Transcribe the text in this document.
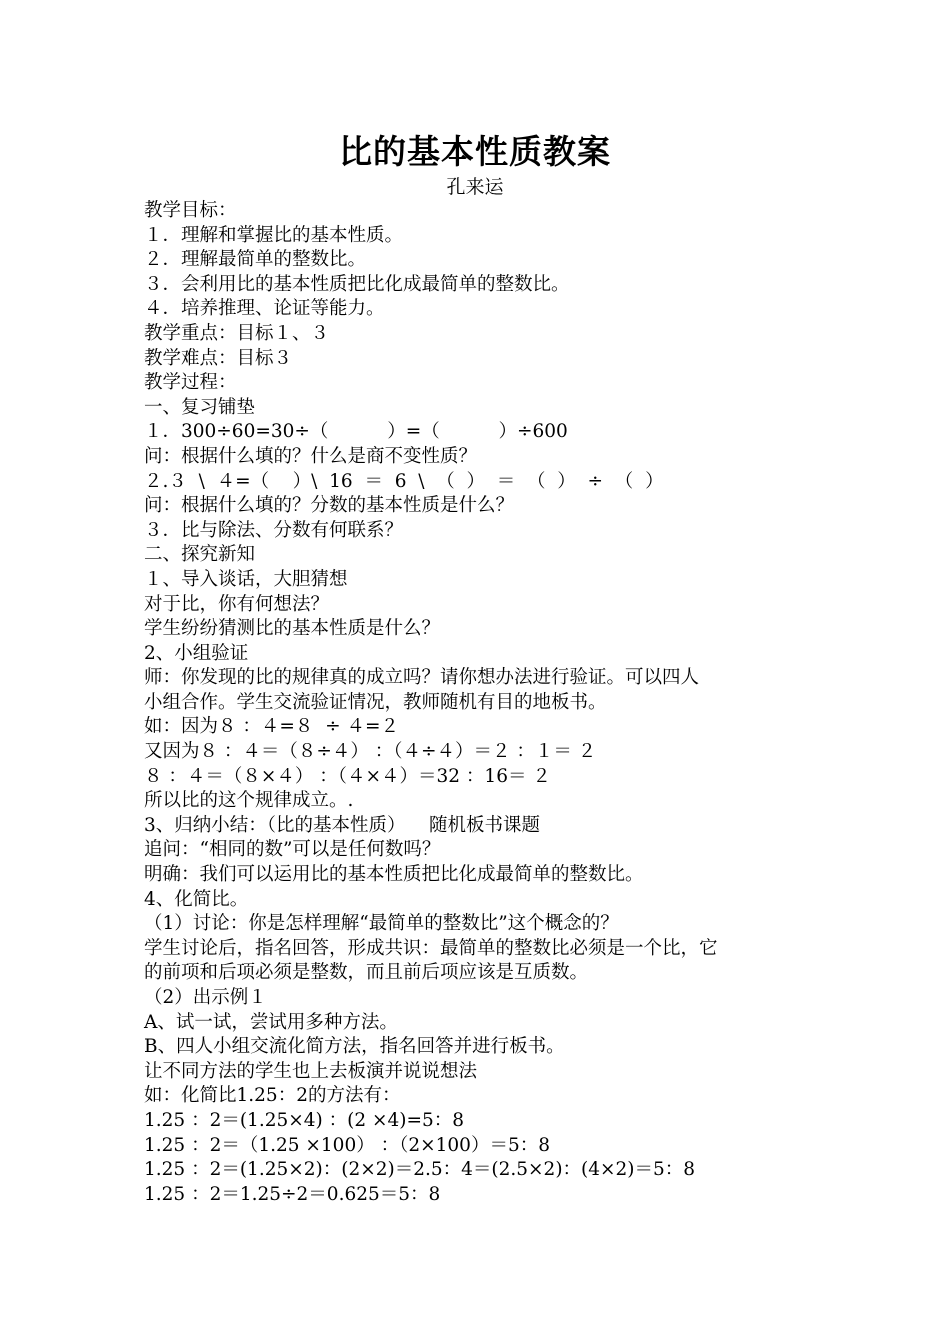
比的基本性质教案
孔来运
教学目标：
１．理解和掌握比的基本性质。
２．理解最简单的整数比。
３．会利用比的基本性质把比化成最简单的整数比。
４．培养推理、论证等能力。
教学重点：目标１、３
教学难点：目标３
教学过程：
一、复习铺垫
１．300÷60=30÷（          ）=（          ）÷600
问：根据什么填的？什么是商不变性质？
２.３  \  ４=（    ）\  16  ＝  6  \  （  ）  ＝  （  ）  ÷  （  ）
问：根据什么填的？分数的基本性质是什么？
３．比与除法、分数有何联系？
二、探究新知
１、导入谈话，大胆猜想
对于比，你有何想法？
学生纷纷猜测比的基本性质是什么？
2、小组验证
师：你发现的比的规律真的成立吗？请你想办法进行验证。可以四人
小组合作。学生交流验证情况，教师随机有目的地板书。
如：因为８ ：４=８  ÷ ４=２
又因为８ ：４＝（８÷４） ：（４÷４）＝２ ：１＝ ２
８ ：４＝（８×４） ：（４×４）＝32 ：16＝ ２
所以比的这个规律成立。.
3、归纳小结：（比的基本性质）    随机板书课题
追问：“相同的数”可以是任何数吗？
明确：我们可以运用比的基本性质把比化成最简单的整数比。
4、化简比。
（1）讨论：你是怎样理解“最简单的整数比”这个概念的？
学生讨论后，指名回答，形成共识：最简单的整数比必须是一个比，它
的前项和后项必须是整数，而且前后项应该是互质数。
（2）出示例１
A、试一试，尝试用多种方法。
B、四人小组交流化简方法，指名回答并进行板书。
让不同方法的学生也上去板演并说说想法
如：化简比1.25：2的方法有：
1.25 ：2＝(1.25×4) ：(2 ×4)=5：8
1.25 ：2＝（1.25 ×100） ：（2×100）＝5：8
1.25 ：2＝(1.25×2)：(2×2)＝2.5：4＝(2.5×2)：(4×2)＝5：8
1.25 ：2＝1.25÷2＝0.625＝5：8
